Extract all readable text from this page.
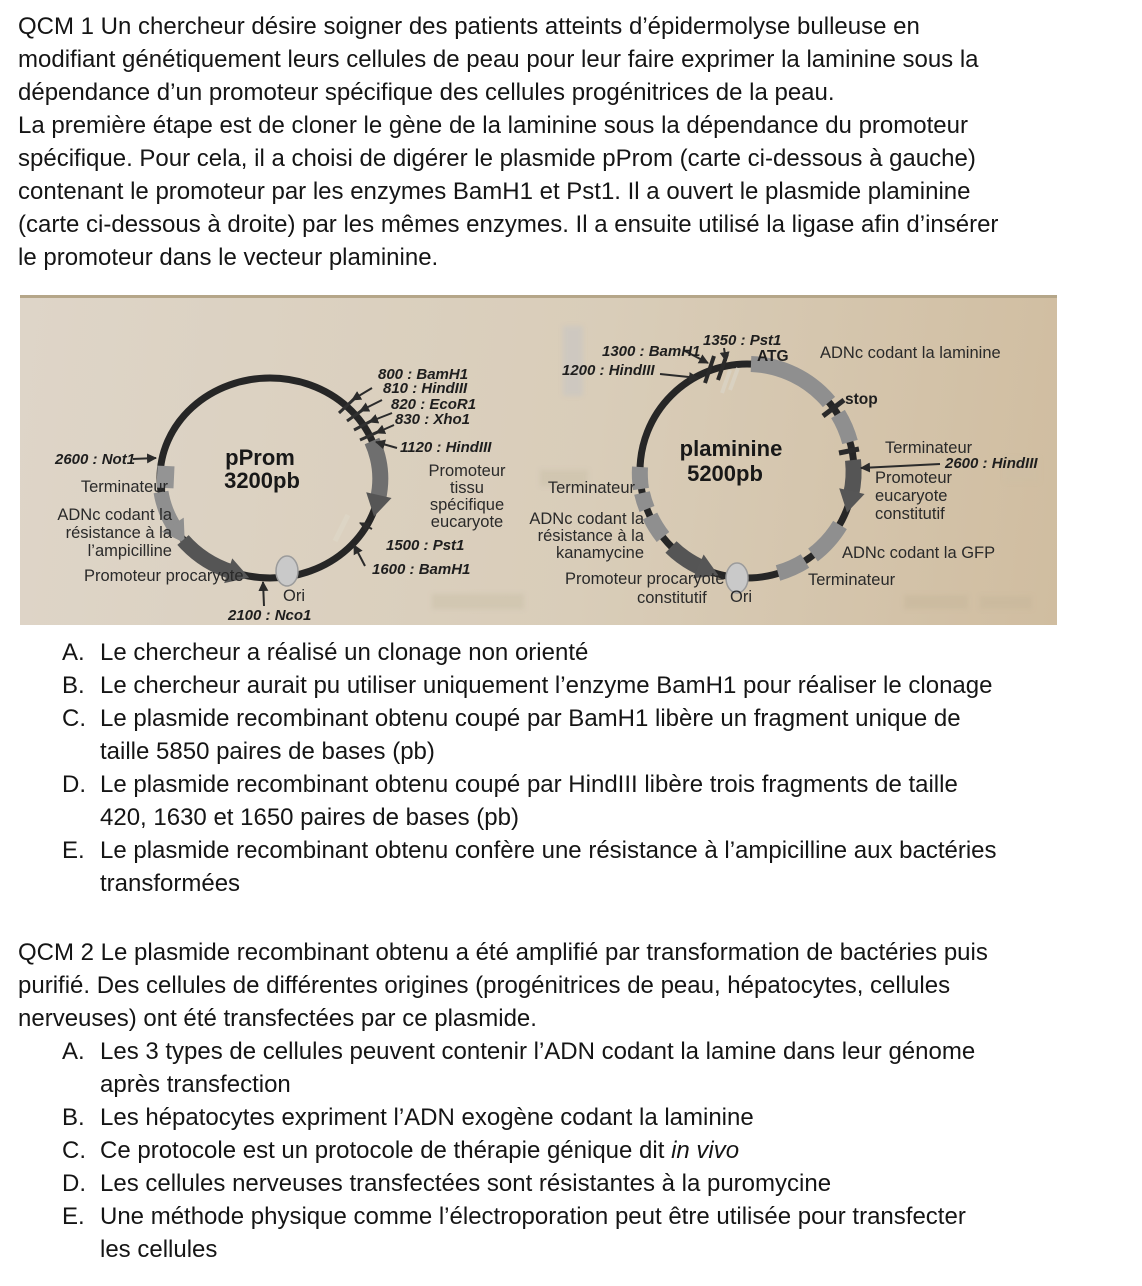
QCM 1 Un chercheur désire soigner des patients atteints d’épidermolyse bulleuse en
modifiant génétiquement leurs cellules de peau pour leur faire exprimer la laminine sous la
dépendance d’un promoteur spécifique des cellules progénitrices de la peau.
La première étape est de cloner le gène de la laminine sous la dépendance du promoteur
spécifique. Pour cela, il a choisi de digérer le plasmide pProm (carte ci-dessous à gauche)
contenant le promoteur par les enzymes BamH1 et Pst1. Il a ouvert le plasmide plaminine
(carte ci-dessous à droite) par les mêmes enzymes. Il a ensuite utilisé la ligase afin d’insérer
le promoteur dans le vecteur plaminine.
pProm
3200pb
800 : BamH1
810 : HindIII
820 : EcoR1
830 : Xho1
1120 : HindIII
Promoteur
tissu
spécifique
eucaryote
1500 : Pst1
1600 : BamH1
2600 : Not1
Terminateur
ADNc codant la
résistance à la
l’ampicilline
Promoteur procaryote
Ori
2100 : Nco1
plaminine
5200pb
1200 : HindIII
1300 : BamH1
1350 : Pst1
ATG ADNc codant la laminine
stop
Terminateur
2600 : HindIII
Promoteur
eucaryote
constitutif
ADNc codant la GFP
Terminateur
Ori
Promoteur procaryote
constitutif
ADNc codant la
résistance à la
kanamycine
Terminateur
A. Le chercheur a réalisé un clonage non orienté
B. Le chercheur aurait pu utiliser uniquement l’enzyme BamH1 pour réaliser le clonage
C. Le plasmide recombinant obtenu coupé par BamH1 libère un fragment unique de
taille 5850 paires de bases (pb)
D. Le plasmide recombinant obtenu coupé par HindIII libère trois fragments de taille
420, 1630 et 1650 paires de bases (pb)
E. Le plasmide recombinant obtenu confère une résistance à l’ampicilline aux bactéries
transformées
QCM 2 Le plasmide recombinant obtenu a été amplifié par transformation de bactéries puis
purifié. Des cellules de différentes origines (progénitrices de peau, hépatocytes, cellules
nerveuses) ont été transfectées par ce plasmide.
A. Les 3 types de cellules peuvent contenir l’ADN codant la lamine dans leur génome
après transfection
B. Les hépatocytes expriment l’ADN exogène codant la laminine
C. Ce protocole est un protocole de thérapie génique dit in vivo
D. Les cellules nerveuses transfectées sont résistantes à la puromycine
E. Une méthode physique comme l’électroporation peut être utilisée pour transfecter
les cellules
